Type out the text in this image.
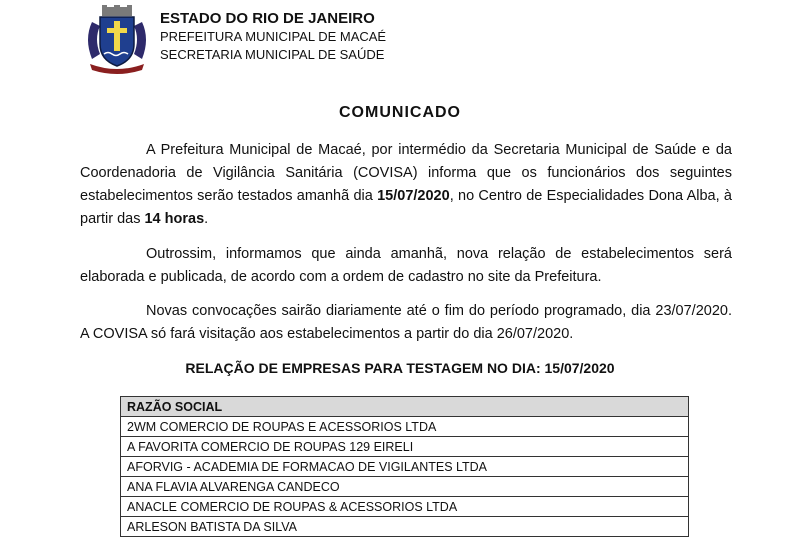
ESTADO DO RIO DE JANEIRO
PREFEITURA MUNICIPAL DE MACAÉ
SECRETARIA MUNICIPAL DE SAÚDE
COMUNICADO
A Prefeitura Municipal de Macaé, por intermédio da Secretaria Municipal de Saúde e da Coordenadoria de Vigilância Sanitária (COVISA) informa que os funcionários dos seguintes estabelecimentos serão testados amanhã dia 15/07/2020, no Centro de Especialidades Dona Alba, à partir das 14 horas.
Outrossim, informamos que ainda amanhã, nova relação de estabelecimentos será elaborada e publicada, de acordo com a ordem de cadastro no site da Prefeitura.
Novas convocações sairão diariamente até o fim do período programado, dia 23/07/2020. A COVISA só fará visitação aos estabelecimentos a partir do dia 26/07/2020.
RELAÇÃO DE EMPRESAS PARA TESTAGEM NO DIA: 15/07/2020
RAZÃO SOCIAL
2WM COMERCIO DE ROUPAS E ACESSORIOS LTDA
A FAVORITA COMERCIO DE ROUPAS 129 EIRELI
AFORVIG - ACADEMIA DE FORMACAO DE VIGILANTES LTDA
ANA FLAVIA ALVARENGA CANDECO
ANACLE COMERCIO DE ROUPAS & ACESSORIOS LTDA
ARLESON BATISTA DA SILVA
